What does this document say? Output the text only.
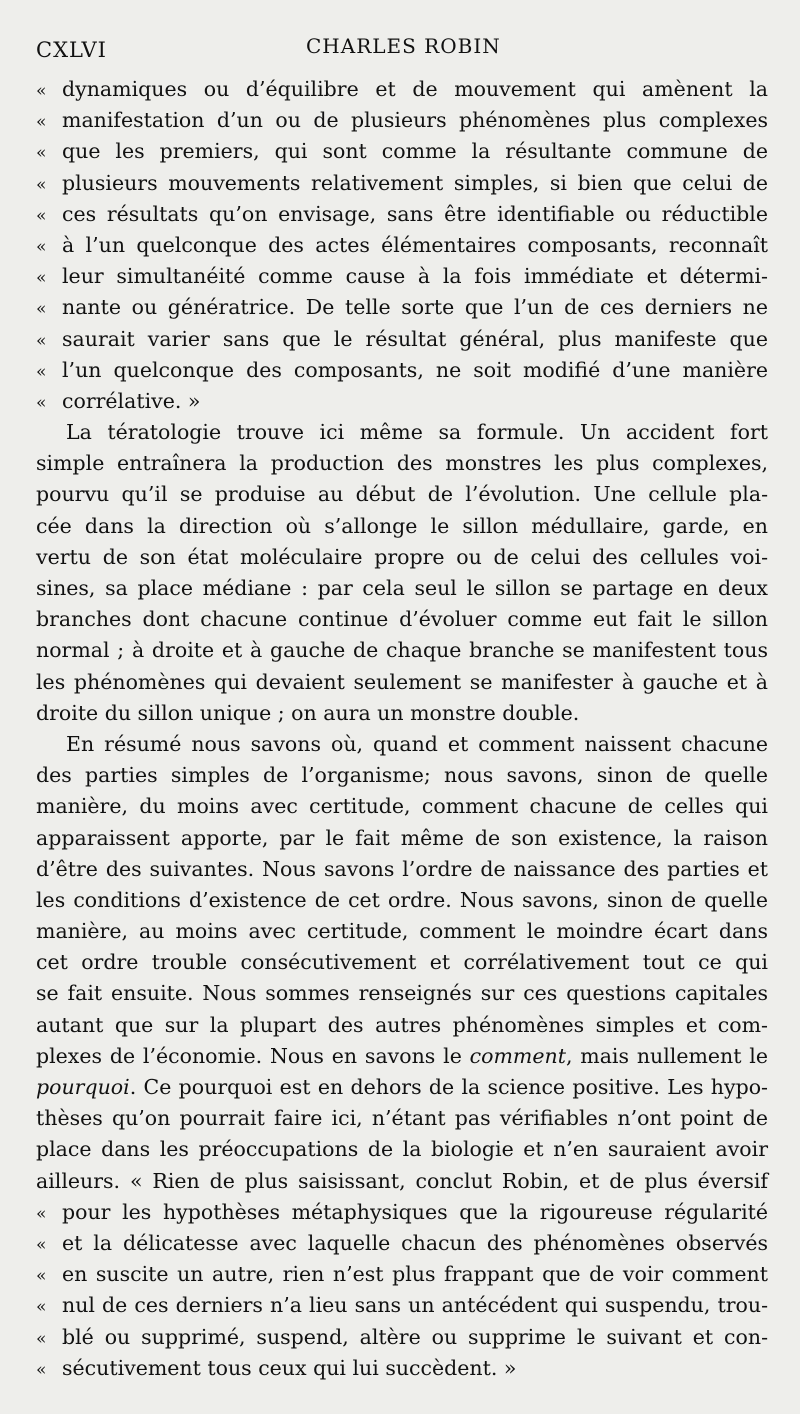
CXLVI	CHARLES ROBIN
« dynamiques ou d’équilibre et de mouvement qui amènent la
« manifestation d’un ou de plusieurs phénomènes plus complexes
« que les premiers, qui sont comme la résultante commune de
« plusieurs mouvements relativement simples, si bien que celui de
« ces résultats qu’on envisage, sans être identifiable ou réductible
« à l’un quelconque des actes élémentaires composants, reconnaît
« leur simultanéité comme cause à la fois immédiate et détermi-
« nante ou génératrice. De telle sorte que l’un de ces derniers ne
« saurait varier sans que le résultat général, plus manifeste que
« l’un quelconque des composants, ne soit modifié d’une manière
« corrélative. »
La tératologie trouve ici même sa formule. Un accident fort
simple entraînera la production des monstres les plus complexes,
pourvu qu’il se produise au début de l’évolution. Une cellule pla-
cée dans la direction où s’allonge le sillon médullaire, garde, en
vertu de son état moléculaire propre ou de celui des cellules voi-
sines, sa place médiane : par cela seul le sillon se partage en deux
branches dont chacune continue d’évoluer comme eut fait le sillon
normal ; à droite et à gauche de chaque branche se manifestent tous
les phénomènes qui devaient seulement se manifester à gauche et à
droite du sillon unique ; on aura un monstre double.
En résumé nous savons où, quand et comment naissent chacune
des parties simples de l’organisme; nous savons, sinon de quelle
manière, du moins avec certitude, comment chacune de celles qui
apparaissent apporte, par le fait même de son existence, la raison
d’être des suivantes. Nous savons l’ordre de naissance des parties et
les conditions d’existence de cet ordre. Nous savons, sinon de quelle
manière, au moins avec certitude, comment le moindre écart dans
cet ordre trouble consécutivement et corrélativement tout ce qui
se fait ensuite. Nous sommes renseignés sur ces questions capitales
autant que sur la plupart des autres phénomènes simples et com-
plexes de l’économie. Nous en savons le comment, mais nullement le
pourquoi. Ce pourquoi est en dehors de la science positive. Les hypo-
thèses qu’on pourrait faire ici, n’étant pas vérifiables n’ont point de
place dans les préoccupations de la biologie et n’en sauraient avoir
ailleurs. « Rien de plus saisissant, conclut Robin, et de plus éversif
« pour les hypothèses métaphysiques que la rigoureuse régularité
« et la délicatesse avec laquelle chacun des phénomènes observés
« en suscite un autre, rien n’est plus frappant que de voir comment
« nul de ces derniers n’a lieu sans un antécédent qui suspendu, trou-
« blé ou supprimé, suspend, altère ou supprime le suivant et con-
« sécutivement tous ceux qui lui succèdent. »
